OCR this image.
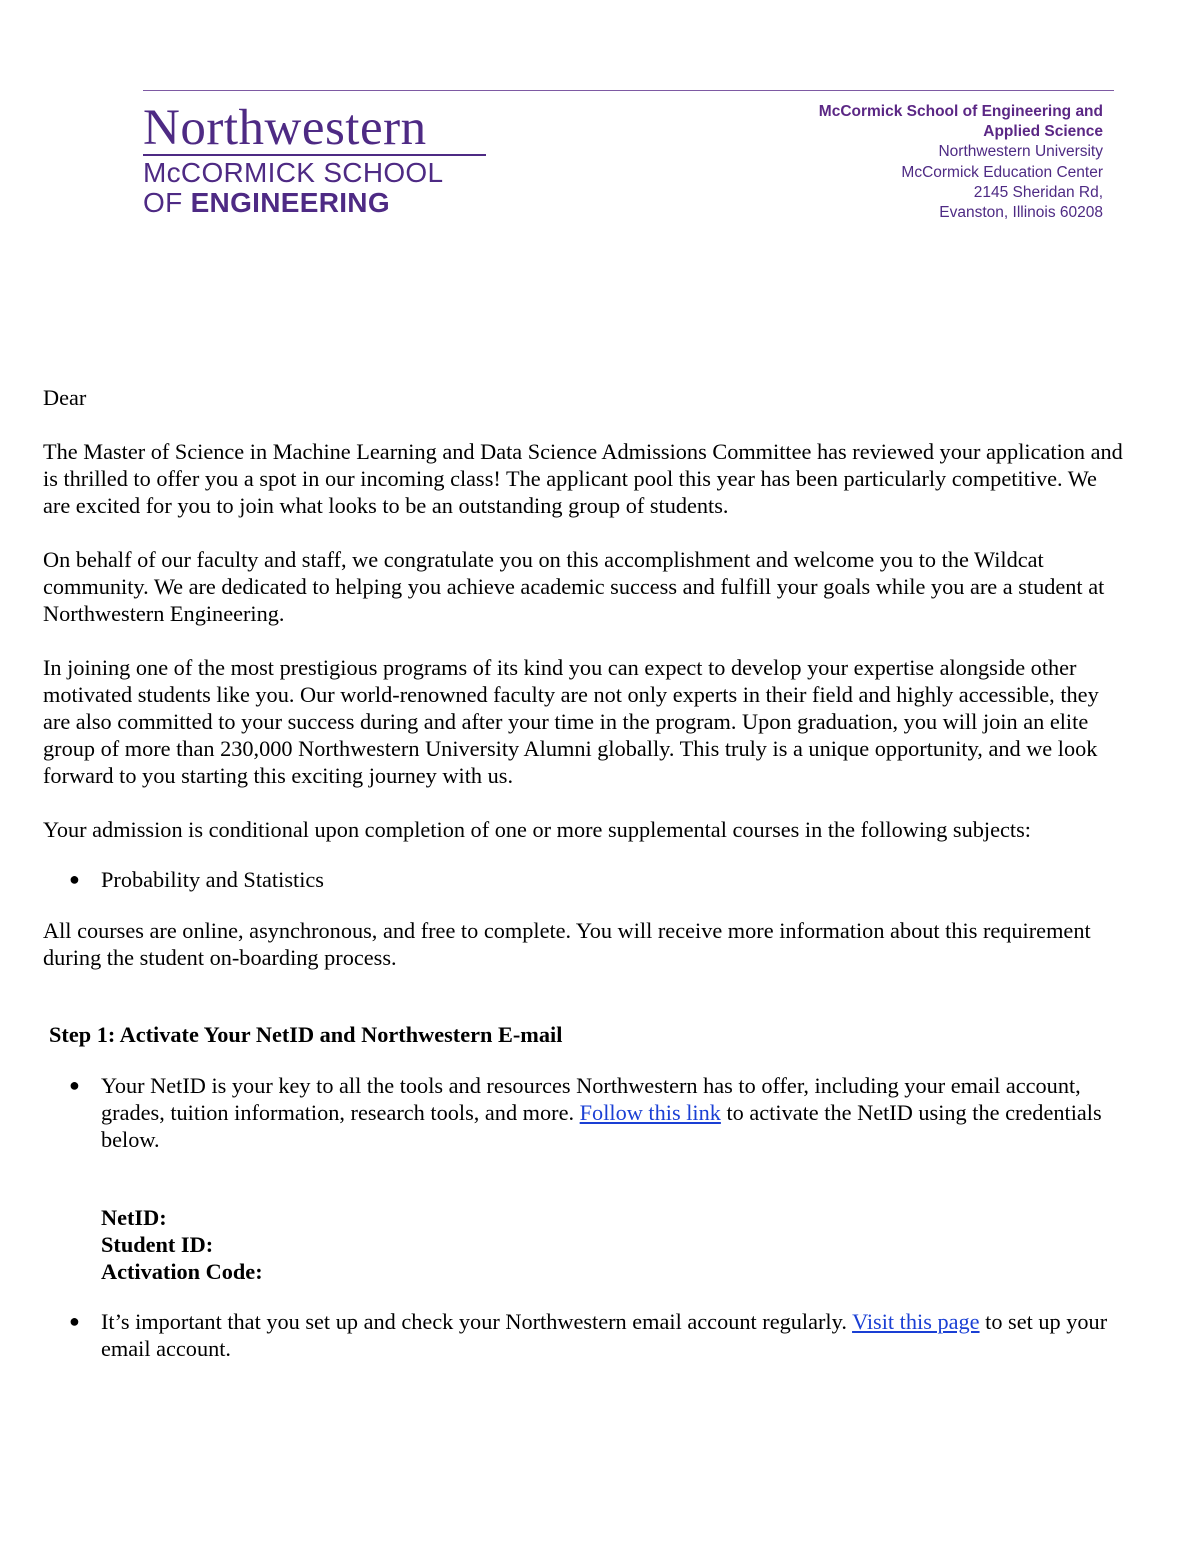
Northwestern
McCORMICK SCHOOL
OF ENGINEERING
McCormick School of Engineering and
Applied Science
Northwestern University
McCormick Education Center
2145 Sheridan Rd,
Evanston, Illinois 60208

Dear

The Master of Science in Machine Learning and Data Science Admissions Committee has reviewed your application and is thrilled to offer you a spot in our incoming class! The applicant pool this year has been particularly competitive. We are excited for you to join what looks to be an outstanding group of students.

On behalf of our faculty and staff, we congratulate you on this accomplishment and welcome you to the Wildcat community. We are dedicated to helping you achieve academic success and fulfill your goals while you are a student at Northwestern Engineering.

In joining one of the most prestigious programs of its kind you can expect to develop your expertise alongside other motivated students like you. Our world-renowned faculty are not only experts in their field and highly accessible, they are also committed to your success during and after your time in the program. Upon graduation, you will join an elite group of more than 230,000 Northwestern University Alumni globally. This truly is a unique opportunity, and we look forward to you starting this exciting journey with us.

Your admission is conditional upon completion of one or more supplemental courses in the following subjects:

● Probability and Statistics

All courses are online, asynchronous, and free to complete. You will receive more information about this requirement during the student on-boarding process.

Step 1: Activate Your NetID and Northwestern E-mail

● Your NetID is your key to all the tools and resources Northwestern has to offer, including your email account, grades, tuition information, research tools, and more. Follow this link to activate the NetID using the credentials below.
NetID:
Student ID:
Activation Code:
● It’s important that you set up and check your Northwestern email account regularly. Visit this page to set up your email account.
